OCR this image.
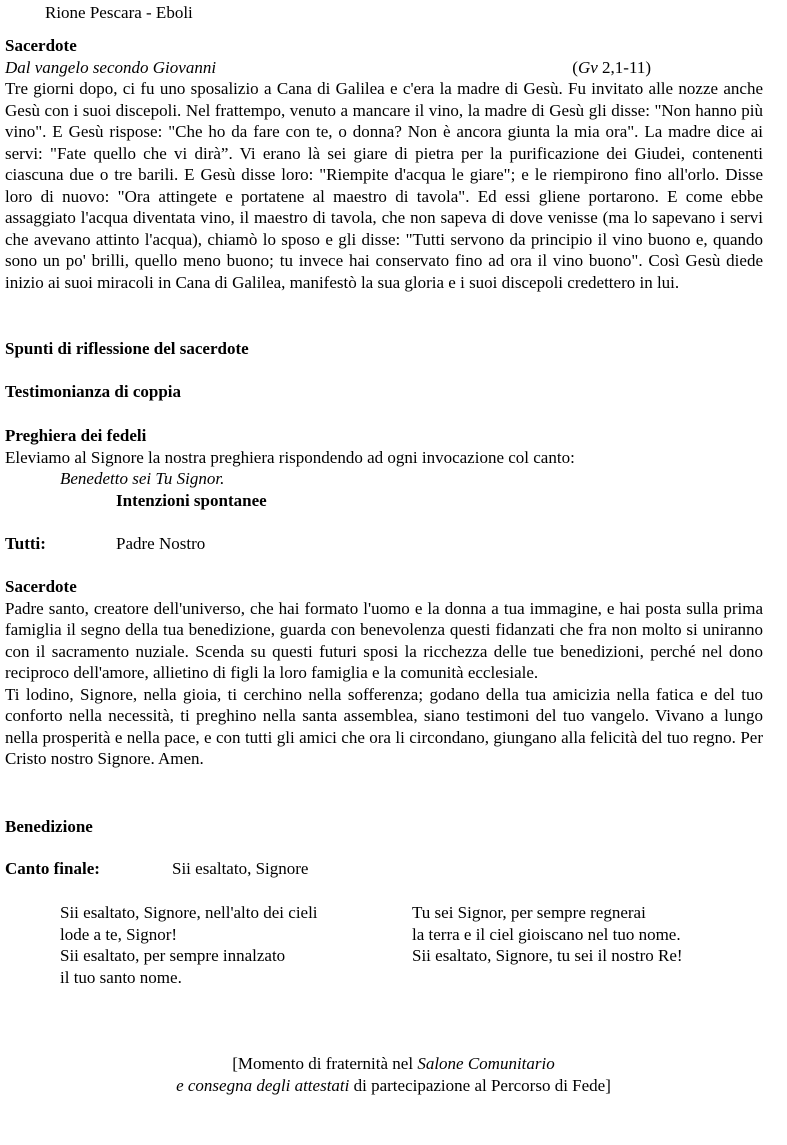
Rione Pescara - Eboli
Sacerdote
Dal vangelo secondo Giovanni	(Gv 2,1-11)
Tre giorni dopo, ci fu uno sposalizio a Cana di Galilea e c'era la madre di Gesù. Fu invitato alle nozze anche Gesù con i suoi discepoli. Nel frattempo, venuto a mancare il vino, la madre di Gesù gli disse: "Non hanno più vino". E Gesù rispose: "Che ho da fare con te, o donna? Non è ancora giunta la mia ora". La madre dice ai servi: "Fate quello che vi dirà”. Vi erano là sei giare di pietra per la purificazione dei Giudei, contenenti ciascuna due o tre barili. E Gesù disse loro: "Riempite d'acqua le giare"; e le riempirono fino all'orlo. Disse loro di nuovo: "Ora attingete e portatene al maestro di tavola". Ed essi gliene portarono. E come ebbe assaggiato l'acqua diventata vino, il maestro di tavola, che non sapeva di dove venisse (ma lo sapevano i servi che avevano attinto l'acqua), chiamò lo sposo e gli disse: "Tutti servono da principio il vino buono e, quando sono un po' brilli, quello meno buono; tu invece hai conservato fino ad ora il vino buono". Così Gesù diede inizio ai suoi miracoli in Cana di Galilea, manifestò la sua gloria e i suoi discepoli credettero in lui.
Spunti di riflessione del sacerdote
Testimonianza di coppia
Preghiera dei fedeli
Eleviamo al Signore la nostra preghiera rispondendo ad ogni invocazione col canto:
Benedetto sei Tu Signor.
Intenzioni spontanee
Tutti:	Padre Nostro
Sacerdote
Padre santo, creatore dell'universo, che hai formato l'uomo e la donna a tua immagine, e hai posta sulla prima famiglia il segno della tua benedizione, guarda con benevolenza questi fidanzati che fra non molto si uniranno con il sacramento nuziale. Scenda su questi futuri sposi la ricchezza delle tue benedizioni, perché nel dono reciproco dell'amore, allietino di figli la loro famiglia e la comunità ecclesiale.
Ti lodino, Signore, nella gioia, ti cerchino nella sofferenza; godano della tua amicizia nella fatica e del tuo conforto nella necessità, ti preghino nella santa assemblea, siano testimoni del tuo vangelo. Vivano a lungo nella prosperità e nella pace, e con tutti gli amici che ora li circondano, giungano alla felicità del tuo regno. Per Cristo nostro Signore. Amen.
Benedizione
Canto finale:	Sii esaltato, Signore
Sii esaltato, Signore, nell'alto dei cieli
lode a te, Signor!
Sii esaltato, per sempre innalzato
il tuo santo nome.
Tu sei Signor, per sempre regnerai
la terra e il ciel gioiscano nel tuo nome.
Sii esaltato, Signore, tu sei il nostro Re!
[Momento di fraternità nel Salone Comunitario
e consegna degli attestati di partecipazione al Percorso di Fede]
